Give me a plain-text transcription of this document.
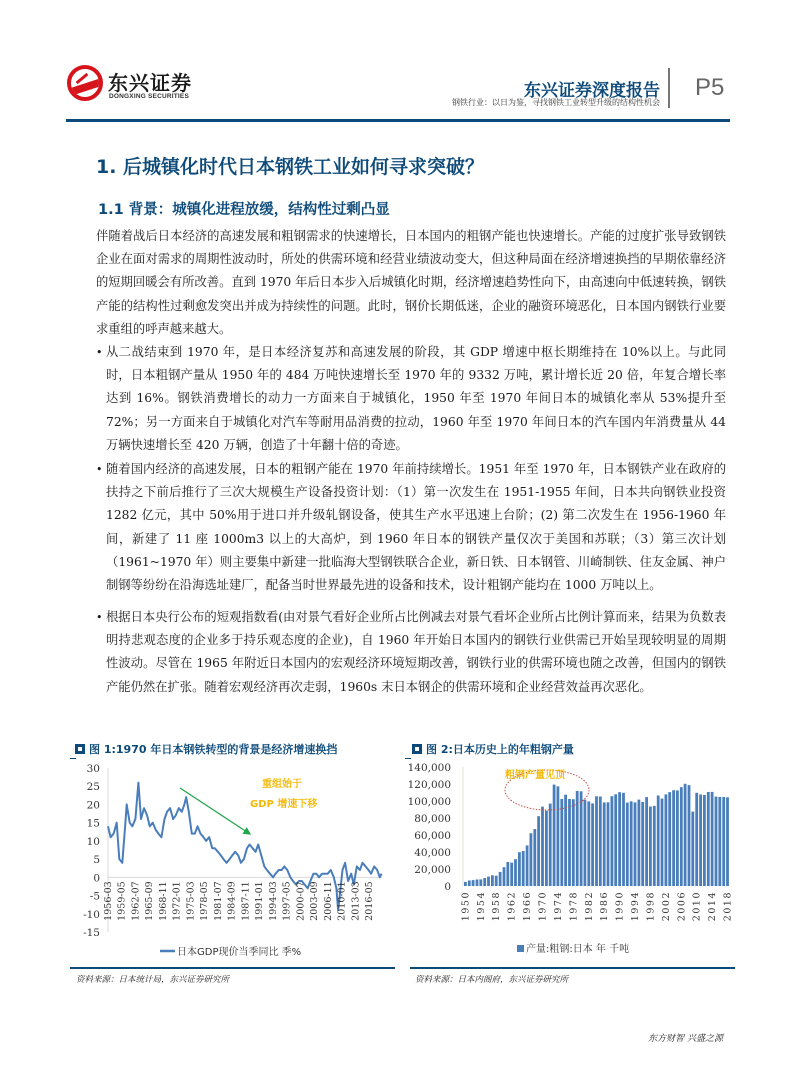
东兴证券
DONGXING SECURITIES	东兴证券深度报告
钢铁行业：以日为鉴，寻找钢铁工业转型升级的结构性机会
P5
1. 后城镇化时代日本钢铁工业如何寻求突破？
1.1 背景：城镇化进程放缓，结构性过剩凸显
伴随着战后日本经济的高速发展和粗钢需求的快速增长，日本国内的粗钢产能也快速增长。产能的过度扩张导致钢铁企业在面对需求的周期性波动时，所处的供需环境和经营业绩波动变大，但这种局面在经济增速换挡的早期依靠经济的短期回暖会有所改善。直到 1970 年后日本步入后城镇化时期，经济增速趋势性向下，由高速向中低速转换，钢铁产能的结构性过剩愈发突出并成为持续性的问题。此时，钢价长期低迷，企业的融资环境恶化，日本国内钢铁行业要求重组的呼声越来越大。
• 从二战结束到 1970 年，是日本经济复苏和高速发展的阶段，其 GDP 增速中枢长期维持在 10%以上。与此同时，日本粗钢产量从 1950 年的 484 万吨快速增长至 1970 年的 9332 万吨，累计增长近 20 倍，年复合增长率达到 16%。钢铁消费增长的动力一方面来自于城镇化，1950 年至 1970 年间日本的城镇化率从 53%提升至 72%；另一方面来自于城镇化对汽车等耐用品消费的拉动，1960 年至 1970 年间日本的汽车国内年消费量从 44 万辆快速增长至 420 万辆，创造了十年翻十倍的奇迹。
• 随着国内经济的高速发展，日本的粗钢产能在 1970 年前持续增长。1951 年至 1970 年，日本钢铁产业在政府的扶持之下前后推行了三次大规模生产设备投资计划：（1）第一次发生在 1951-1955 年间，日本共向钢铁业投资 1282 亿元，其中 50%用于进口并升级轧钢设备，使其生产水平迅速上台阶；(2) 第二次发生在 1956-1960 年间，新建了 11 座 1000m3 以上的大高炉，到 1960 年日本的钢铁产量仅次于美国和苏联；（3）第三次计划（1961~1970 年）则主要集中新建一批临海大型钢铁联合企业，新日铁、日本钢管、川崎制铁、住友金属、神户制钢等纷纷在沿海选址建厂，配备当时世界最先进的设备和技术，设计粗钢产能均在 1000 万吨以上。
• 根据日本央行公布的短观指数看(由对景气看好企业所占比例减去对景气看坏企业所占比例计算而来，结果为负数表明持悲观态度的企业多于持乐观态度的企业)，自 1960 年开始日本国内的钢铁行业供需已开始呈现较明显的周期性波动。尽管在 1965 年附近日本国内的宏观经济环境短期改善，钢铁行业的供需环境也随之改善，但国内的钢铁产能仍然在扩张。随着宏观经济再次走弱，1960s 末日本钢企的供需环境和企业经营效益再次恶化。
图 1:1970 年日本钢铁转型的背景是经济增速换挡
30
25
20
15
10
5
0
-5
-10
-15
1956-03 1959-05 1962-07 1965-09 1968-11 1972-01 1975-03 1978-05 1981-07 1984-09 1987-11 1991-01 1994-03 1997-05 2000-07 2003-09 2006-11 2010-01 2013-03 2016-05
重组始于
GDP 增速下移
日本GDP现价当季同比 季%
资料来源：日本统计局，东兴证券研究所
图 2:日本历史上的年粗钢产量
0
20,000
40,000
60,000
80,000
100,000
120,000
140,000
1950 1954 1958 1962 1966 1970 1974 1978 1982 1986 1990 1994 1998 2002 2006 2010 2014 2018
粗钢产量见顶
产量:粗钢:日本 年 千吨
资料来源：日本内阁府，东兴证券研究所
东方财智 兴盛之源
